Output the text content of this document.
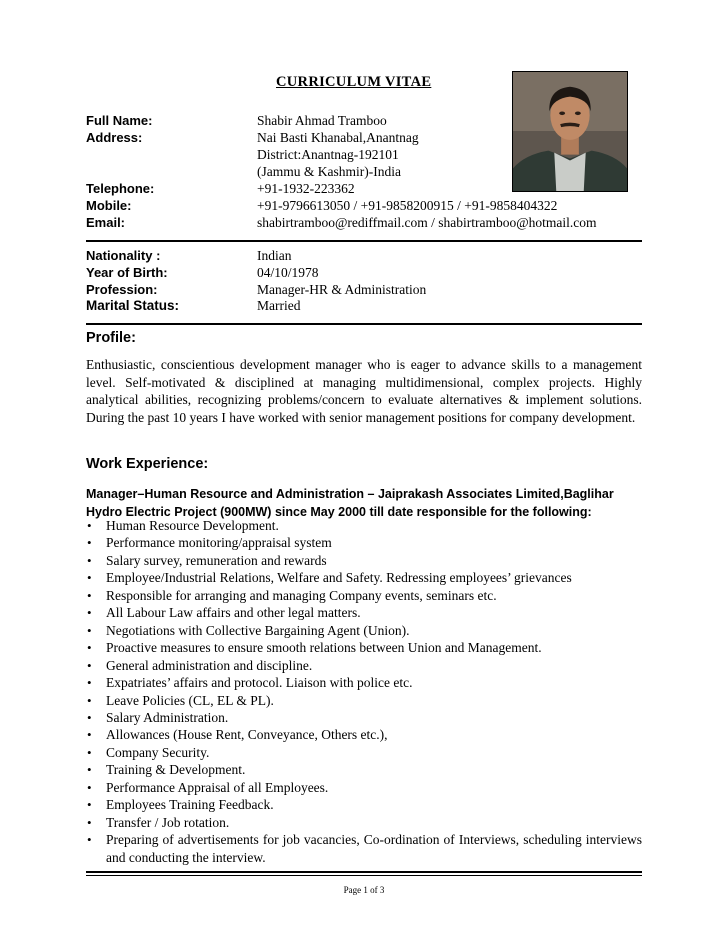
CURRICULUM VITAE
Full Name:	Shabir Ahmad Tramboo
Address:	Nai Basti Khanabal,Anantnag
District:Anantnag-192101
(Jammu & Kashmir)-India
Telephone:	+91-1932-223362
Mobile:	+91-9796613050 / +91-9858200915 / +91-9858404322
Email:	shabirtramboo@rediffmail.com / shabirtramboo@hotmail.com
Nationality :	Indian
Year of Birth:	04/10/1978
Profession:	Manager-HR & Administration
Marital Status:	Married
Profile:

Enthusiastic, conscientious development manager who is eager to advance skills to a management level. Self-motivated & disciplined at managing multidimensional, complex projects. Highly analytical abilities, recognizing problems/concern to evaluate alternatives & implement solutions. During the past 10 years I have worked with senior management positions for company development.

Work Experience:

Manager–Human Resource and Administration – Jaiprakash Associates Limited,Baglihar Hydro Electric Project (900MW) since May 2000 till date responsible for the following:

• Human Resource Development.
• Performance monitoring/appraisal system
• Salary survey, remuneration and rewards
• Employee/Industrial Relations, Welfare and Safety. Redressing employees’ grievances
• Responsible for arranging and managing Company events, seminars etc.
• All Labour Law affairs and other legal matters.
• Negotiations with Collective Bargaining Agent (Union).
• Proactive measures to ensure smooth relations between Union and Management.
• General administration and discipline.
• Expatriates’ affairs and protocol. Liaison with police etc.
• Leave Policies (CL, EL & PL).
• Salary Administration.
• Allowances (House Rent, Conveyance, Others etc.),
• Company Security.
• Training & Development.
• Performance Appraisal of all Employees.
• Employees Training Feedback.
• Transfer / Job rotation.
• Preparing of advertisements for job vacancies, Co-ordination of Interviews, scheduling interviews and conducting the interview.
Page 1 of 3
